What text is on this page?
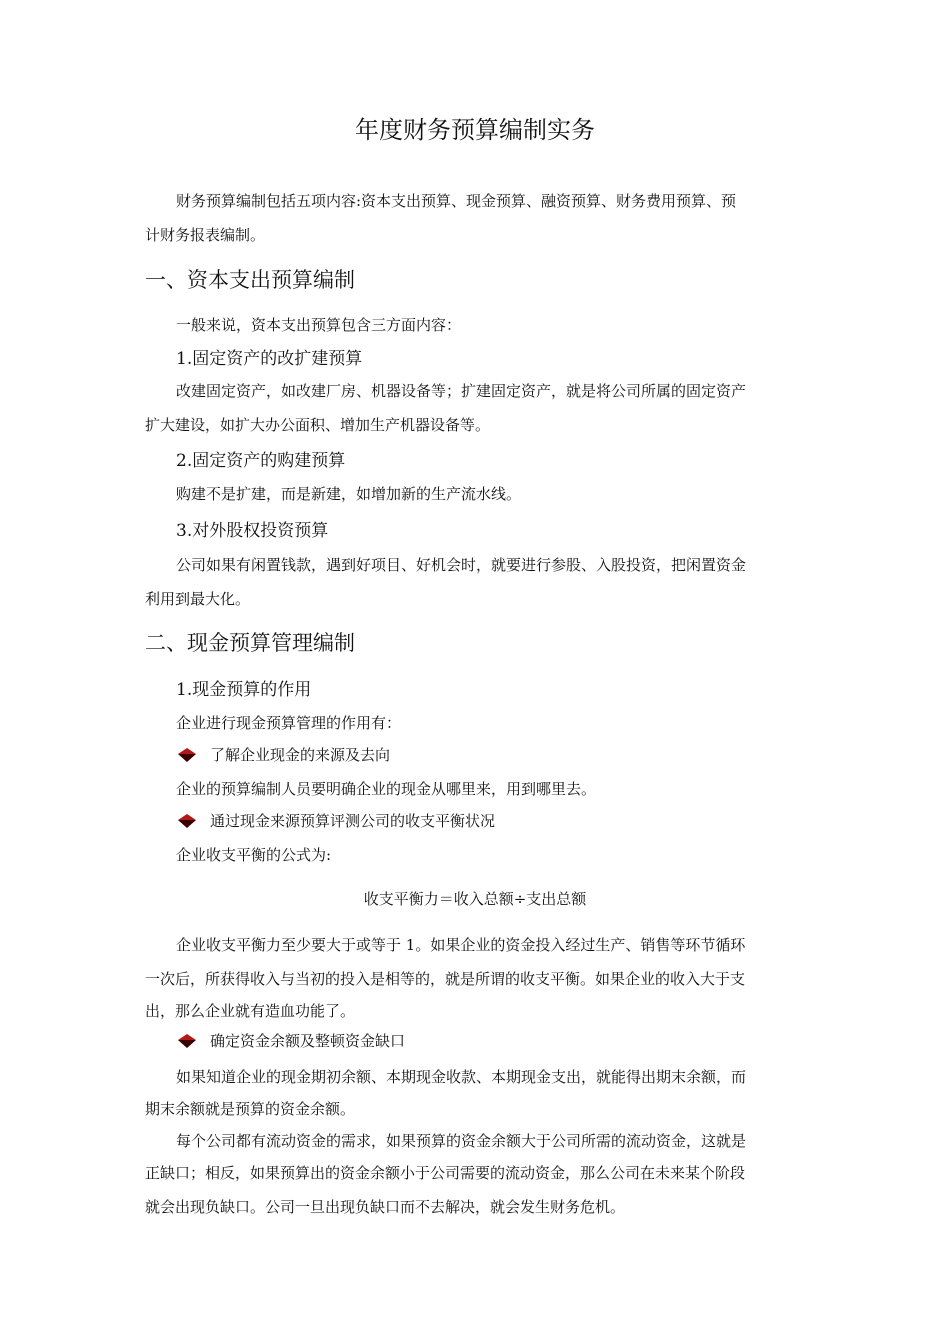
年度财务预算编制实务
财务预算编制包括五项内容:资本支出预算、现金预算、融资预算、财务费用预算、预
计财务报表编制。
一、资本支出预算编制
一般来说，资本支出预算包含三方面内容：
1.固定资产的改扩建预算
改建固定资产，如改建厂房、机器设备等；扩建固定资产，就是将公司所属的固定资产
扩大建设，如扩大办公面积、增加生产机器设备等。
2.固定资产的购建预算
购建不是扩建，而是新建，如增加新的生产流水线。
3.对外股权投资预算
公司如果有闲置钱款，遇到好项目、好机会时，就要进行参股、入股投资，把闲置资金
利用到最大化。
二、现金预算管理编制
1.现金预算的作用
企业进行现金预算管理的作用有：
了解企业现金的来源及去向
企业的预算编制人员要明确企业的现金从哪里来，用到哪里去。
通过现金来源预算评测公司的收支平衡状况
企业收支平衡的公式为:
收支平衡力＝收入总额÷支出总额
企业收支平衡力至少要大于或等于 1。如果企业的资金投入经过生产、销售等环节循环
一次后，所获得收入与当初的投入是相等的，就是所谓的收支平衡。如果企业的收入大于支
出，那么企业就有造血功能了。
确定资金余额及整顿资金缺口
如果知道企业的现金期初余额、本期现金收款、本期现金支出，就能得出期末余额，而
期末余额就是预算的资金余额。
每个公司都有流动资金的需求，如果预算的资金余额大于公司所需的流动资金，这就是
正缺口；相反，如果预算出的资金余额小于公司需要的流动资金，那么公司在未来某个阶段
就会出现负缺口。公司一旦出现负缺口而不去解决，就会发生财务危机。
